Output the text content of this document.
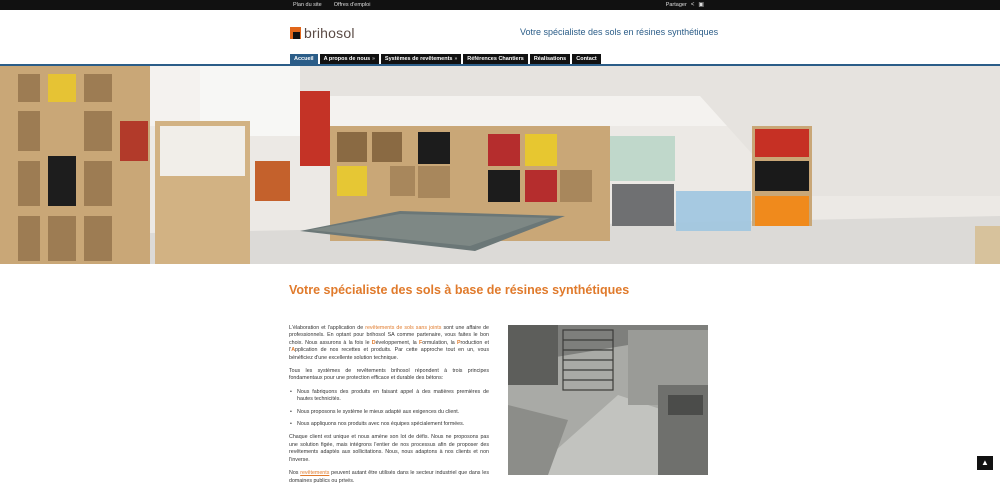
Plan du site Offres d'emploi	Partager < ▣
brihosol	Votre spécialiste des sols en résines synthétiques
Accueil	A propos de nous »	Systèmes de revêtements »	Références Chantiers	Réalisations	Contact
Votre spécialiste des sols à base de résines synthétiques

L'élaboration et l'application de revêtements de sols sans joints sont une affaire de professionnels. En optant pour brihosol SA comme partenaire, vous faites le bon choix. Nous assurons à la fois le Développement, la Formulation, la Production et l'Application de nos recettes et produits. Par cette approche tout en un, vous bénéficiez d'une excellente solution technique.

Tous les systèmes de revêtements brihosol répondent à trois principes fondamentaux pour une protection efficace et durable des bétons:

• Nous fabriquons des produits en faisant appel à des matières premières de hautes technicités.
• Nous proposons le système le mieux adapté aux exigences du client.
• Nous appliquons nos produits avec nos équipes spécialement formées.

Chaque client est unique et nous amène son lot de défis. Nous ne proposons pas une solution figée, mais intégrons l'entier de nos processus afin de proposer des revêtements adaptés aux sollicitations. Nous, nous adaptons à nos clients et non l'inverse.

Nos revêtements peuvent autant être utilisés dans le secteur industriel que dans les domaines publics ou privés.

▲
